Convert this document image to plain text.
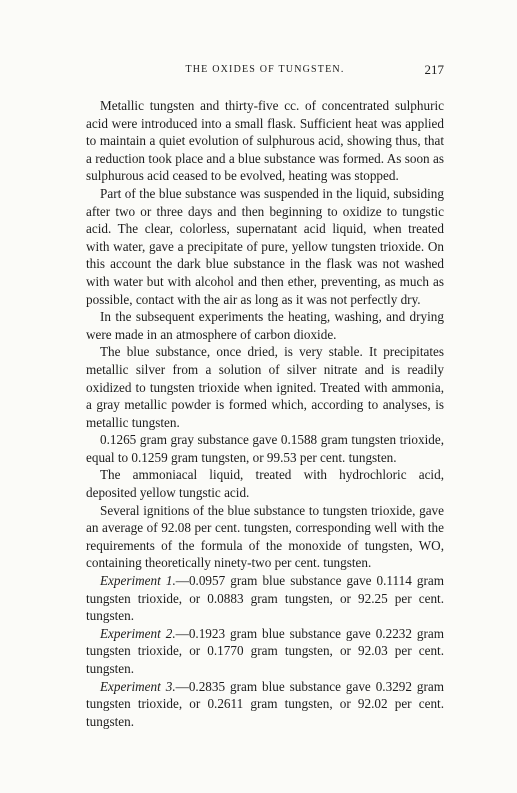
THE OXIDES OF TUNGSTEN.	217

Metallic tungsten and thirty-five cc. of concentrated sulphuric acid were introduced into a small flask. Sufficient heat was applied to maintain a quiet evolution of sulphurous acid, showing thus, that a reduction took place and a blue substance was formed. As soon as sulphurous acid ceased to be evolved, heating was stopped.

Part of the blue substance was suspended in the liquid, subsiding after two or three days and then beginning to oxidize to tungstic acid. The clear, colorless, supernatant acid liquid, when treated with water, gave a precipitate of pure, yellow tungsten trioxide. On this account the dark blue substance in the flask was not washed with water but with alcohol and then ether, preventing, as much as possible, contact with the air as long as it was not perfectly dry.

In the subsequent experiments the heating, washing, and drying were made in an atmosphere of carbon dioxide.

The blue substance, once dried, is very stable. It precipitates metallic silver from a solution of silver nitrate and is readily oxidized to tungsten trioxide when ignited. Treated with ammonia, a gray metallic powder is formed which, according to analyses, is metallic tungsten.

0.1265 gram gray substance gave 0.1588 gram tungsten trioxide, equal to 0.1259 gram tungsten, or 99.53 per cent. tungsten.

The ammoniacal liquid, treated with hydrochloric acid, deposited yellow tungstic acid.

Several ignitions of the blue substance to tungsten trioxide, gave an average of 92.08 per cent. tungsten, corresponding well with the requirements of the formula of the monoxide of tungsten, WO, containing theoretically ninety-two per cent. tungsten.

Experiment 1.—0.0957 gram blue substance gave 0.1114 gram tungsten trioxide, or 0.0883 gram tungsten, or 92.25 per cent. tungsten.

Experiment 2.—0.1923 gram blue substance gave 0.2232 gram tungsten trioxide, or 0.1770 gram tungsten, or 92.03 per cent. tungsten.

Experiment 3.—0.2835 gram blue substance gave 0.3292 gram tungsten trioxide, or 0.2611 gram tungsten, or 92.02 per cent. tungsten.
